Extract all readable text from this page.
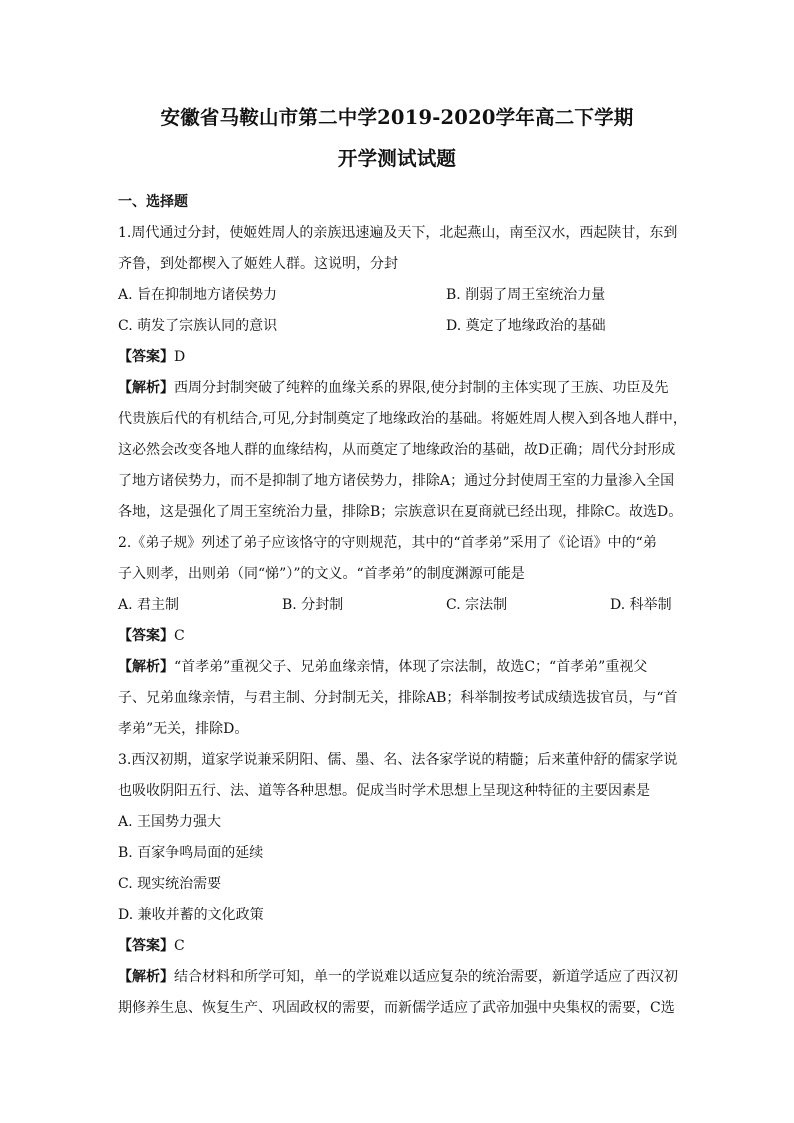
安徽省马鞍山市第二中学2019-2020学年高二下学期
开学测试试题
一、选择题
1.周代通过分封，使姬姓周人的亲族迅速遍及天下，北起燕山，南至汉水，西起陕甘，东到
齐鲁，到处都楔入了姬姓人群。这说明，分封
A. 旨在抑制地方诸侯势力	B. 削弱了周王室统治力量
C. 萌发了宗族认同的意识	D. 奠定了地缘政治的基础
【答案】D
【解析】西周分封制突破了纯粹的血缘关系的界限,使分封制的主体实现了王族、功臣及先
代贵族后代的有机结合,可见,分封制奠定了地缘政治的基础。将姬姓周人楔入到各地人群中，
这必然会改变各地人群的血缘结构，从而奠定了地缘政治的基础，故D正确；周代分封形成
了地方诸侯势力，而不是抑制了地方诸侯势力，排除A；通过分封使周王室的力量渗入全国
各地，这是强化了周王室统治力量，排除B；宗族意识在夏商就已经出现，排除C。故选D。
2.《弟子规》列述了弟子应该恪守的守则规范，其中的“首孝弟”采用了《论语》中的“弟
子入则孝，出则弟（同“悌”）”的文义。“首孝弟”的制度渊源可能是
A. 君主制	B. 分封制	C. 宗法制	D. 科举制
【答案】C
【解析】“首孝弟”重视父子、兄弟血缘亲情，体现了宗法制，故选C；“首孝弟”重视父
子、兄弟血缘亲情，与君主制、分封制无关，排除AB；科举制按考试成绩选拔官员，与“首
孝弟”无关，排除D。
3.西汉初期，道家学说兼采阴阳、儒、墨、名、法各家学说的精髓；后来董仲舒的儒家学说
也吸收阴阳五行、法、道等各种思想。促成当时学术思想上呈现这种特征的主要因素是
A. 王国势力强大
B. 百家争鸣局面的延续
C. 现实统治需要
D. 兼收并蓄的文化政策
【答案】C
【解析】结合材料和所学可知，单一的学说难以适应复杂的统治需要，新道学适应了西汉初
期修养生息、恢复生产、巩固政权的需要，而新儒学适应了武帝加强中央集权的需要，C选
